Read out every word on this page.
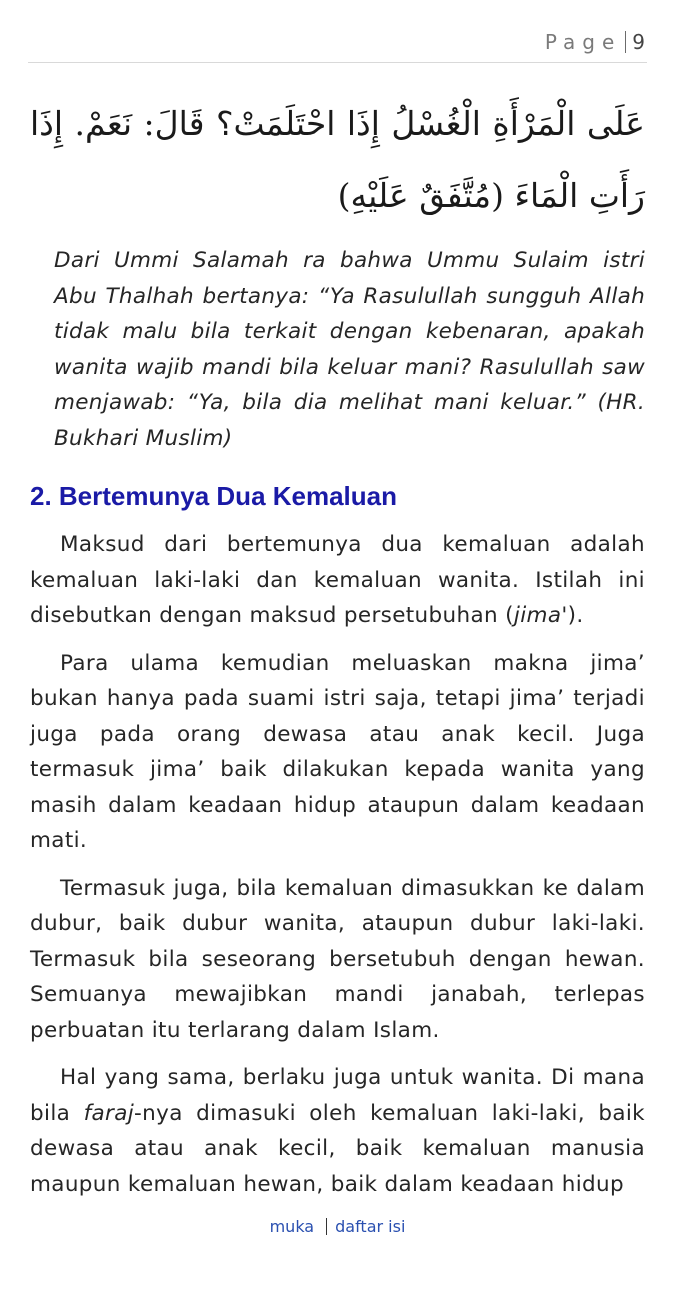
Page 9
عَلَى الْمَرْأَةِ الْغُسْلُ إِذَا احْتَلَمَتْ؟ قَالَ: نَعَمْ. إِذَا رَأَتِ الْمَاءَ (مُتَّفَقٌ عَلَيْهِ)
Dari Ummi Salamah ra bahwa Ummu Sulaim istri Abu Thalhah bertanya: “Ya Rasulullah sungguh Allah tidak malu bila terkait dengan kebenaran, apakah wanita wajib mandi bila keluar mani? Rasulullah saw menjawab: “Ya, bila dia melihat mani keluar.” (HR. Bukhari Muslim)
2. Bertemunya Dua Kemaluan

Maksud dari bertemunya dua kemaluan adalah kemaluan laki-laki dan kemaluan wanita. Istilah ini disebutkan dengan maksud persetubuhan (jima').

Para ulama kemudian meluaskan makna jima’ bukan hanya pada suami istri saja, tetapi jima’ terjadi juga pada orang dewasa atau anak kecil. Juga termasuk jima’ baik dilakukan kepada wanita yang masih dalam keadaan hidup ataupun dalam keadaan mati.

Termasuk juga, bila kemaluan dimasukkan ke dalam dubur, baik dubur wanita, ataupun dubur laki-laki. Termasuk bila seseorang bersetubuh dengan hewan. Semuanya mewajibkan mandi janabah, terlepas perbuatan itu terlarang dalam Islam.

Hal yang sama, berlaku juga untuk wanita. Di mana bila faraj-nya dimasuki oleh kemaluan laki-laki, baik dewasa atau anak kecil, baik kemaluan manusia maupun kemaluan hewan, baik dalam keadaan hidup

muka daftar isi
